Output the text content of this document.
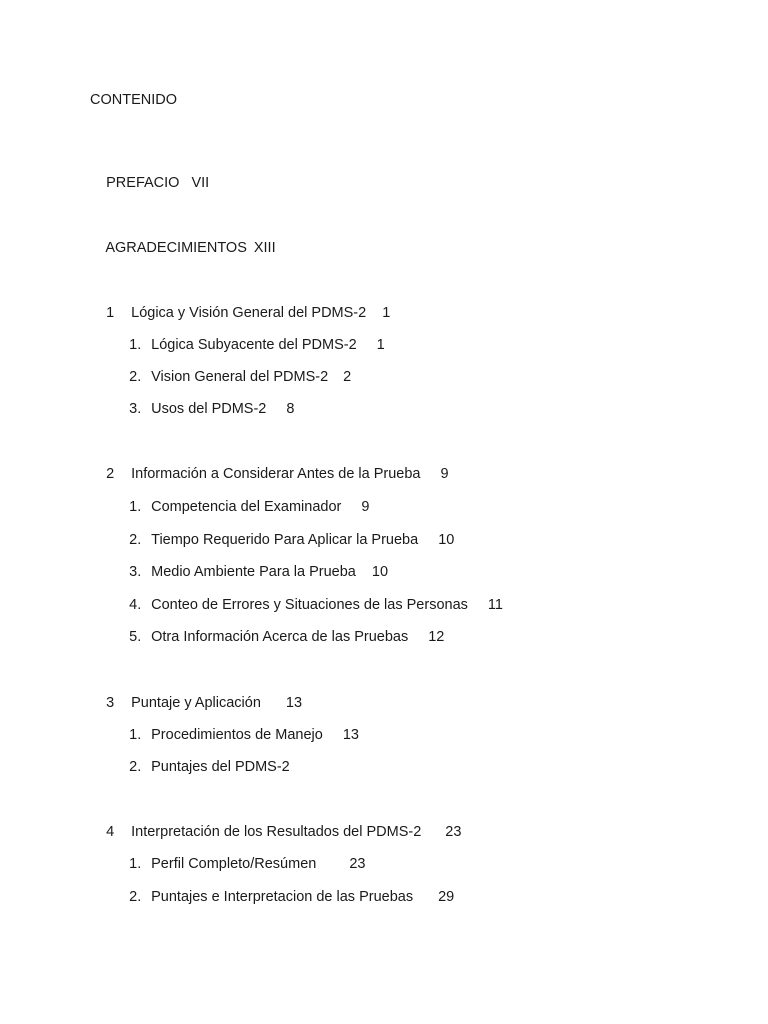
CONTENIDO

PREFACIO VII

AGRADECIMIENTOS XIII

1 Lógica y Visión General del PDMS-2 1

1. Lógica Subyacente del PDMS-2 1

2. Vision General del PDMS-2 2

3. Usos del PDMS-2 8

2 Información a Considerar Antes de la Prueba 9

1. Competencia del Examinador 9

2. Tiempo Requerido Para Aplicar la Prueba 10

3. Medio Ambiente Para la Prueba 10

4. Conteo de Errores y Situaciones de las Personas 11

5. Otra Información Acerca de las Pruebas 12

3 Puntaje y Aplicación 13

1. Procedimientos de Manejo 13

2. Puntajes del PDMS-2

4 Interpretación de los Resultados del PDMS-2 23

1. Perfil Completo/Resúmen 23

2. Puntajes e Interpretacion de las Pruebas 29
